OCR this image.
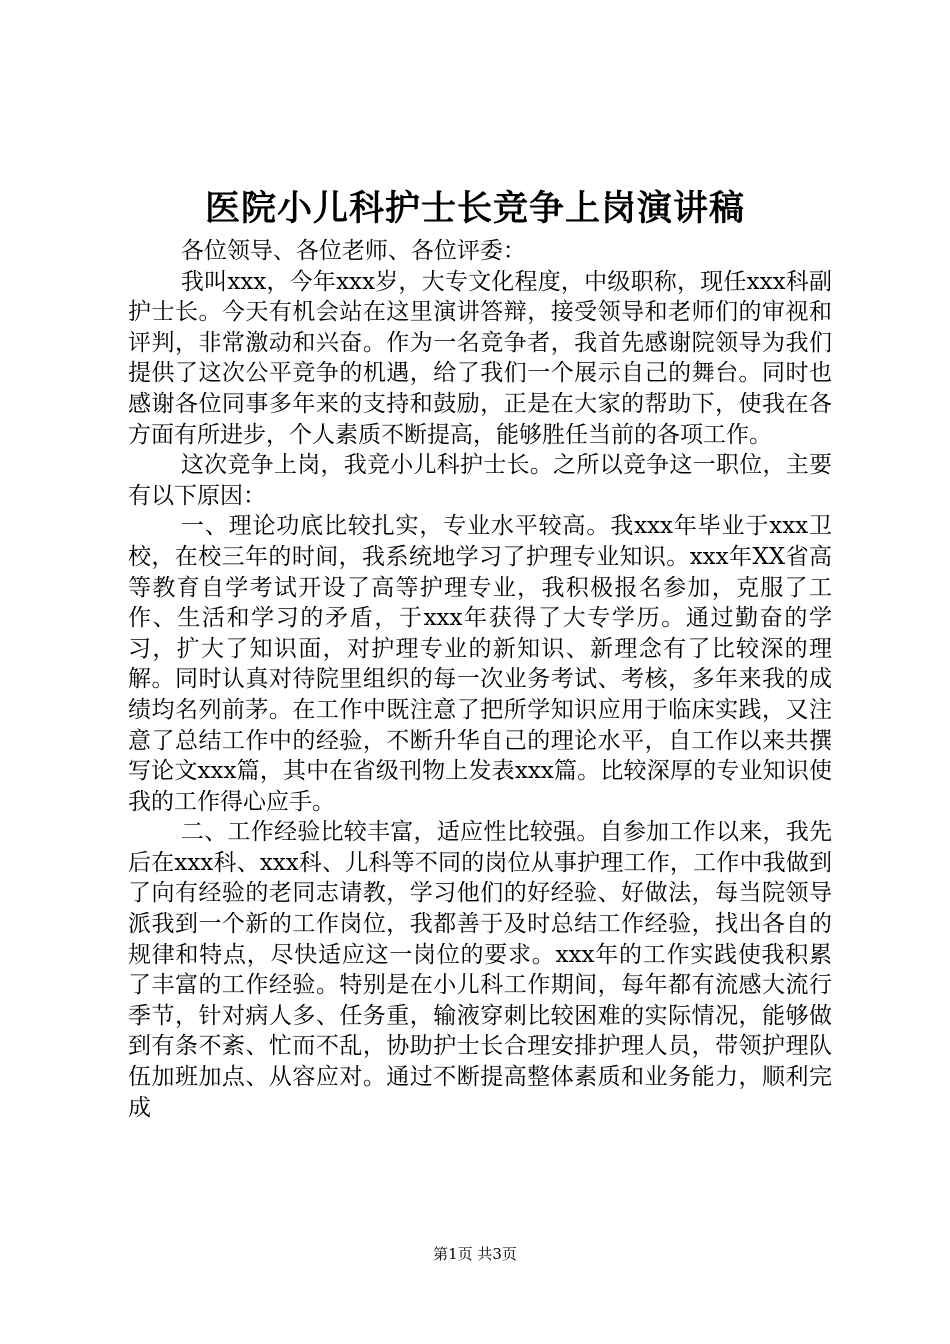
医院小儿科护士长竞争上岗演讲稿

各位领导、各位老师、各位评委：

我叫xxx，今年xxx岁，大专文化程度，中级职称，现任xxx科副护士长。今天有机会站在这里演讲答辩，接受领导和老师们的审视和评判，非常激动和兴奋。作为一名竞争者，我首先感谢院领导为我们提供了这次公平竞争的机遇，给了我们一个展示自己的舞台。同时也感谢各位同事多年来的支持和鼓励，正是在大家的帮助下，使我在各方面有所进步，个人素质不断提高，能够胜任当前的各项工作。

这次竞争上岗，我竞小儿科护士长。之所以竞争这一职位，主要有以下原因：

一、理论功底比较扎实，专业水平较高。我xxx年毕业于xxx卫校，在校三年的时间，我系统地学习了护理专业知识。xxx年XX省高等教育自学考试开设了高等护理专业，我积极报名参加，克服了工作、生活和学习的矛盾，于xxx年获得了大专学历。通过勤奋的学习，扩大了知识面，对护理专业的新知识、新理念有了比较深的理解。同时认真对待院里组织的每一次业务考试、考核，多年来我的成绩均名列前茅。在工作中既注意了把所学知识应用于临床实践，又注意了总结工作中的经验，不断升华自己的理论水平，自工作以来共撰写论文xxx篇，其中在省级刊物上发表xxx篇。比较深厚的专业知识使我的工作得心应手。

二、工作经验比较丰富，适应性比较强。自参加工作以来，我先后在xxx科、xxx科、儿科等不同的岗位从事护理工作，工作中我做到了向有经验的老同志请教，学习他们的好经验、好做法，每当院领导派我到一个新的工作岗位，我都善于及时总结工作经验，找出各自的规律和特点，尽快适应这一岗位的要求。xxx年的工作实践使我积累了丰富的工作经验。特别是在小儿科工作期间，每年都有流感大流行季节，针对病人多、任务重，输液穿刺比较困难的实际情况，能够做到有条不紊、忙而不乱，协助护士长合理安排护理人员，带领护理队伍加班加点、从容应对。通过不断提高整体素质和业务能力，顺利完成

第1页 共3页
